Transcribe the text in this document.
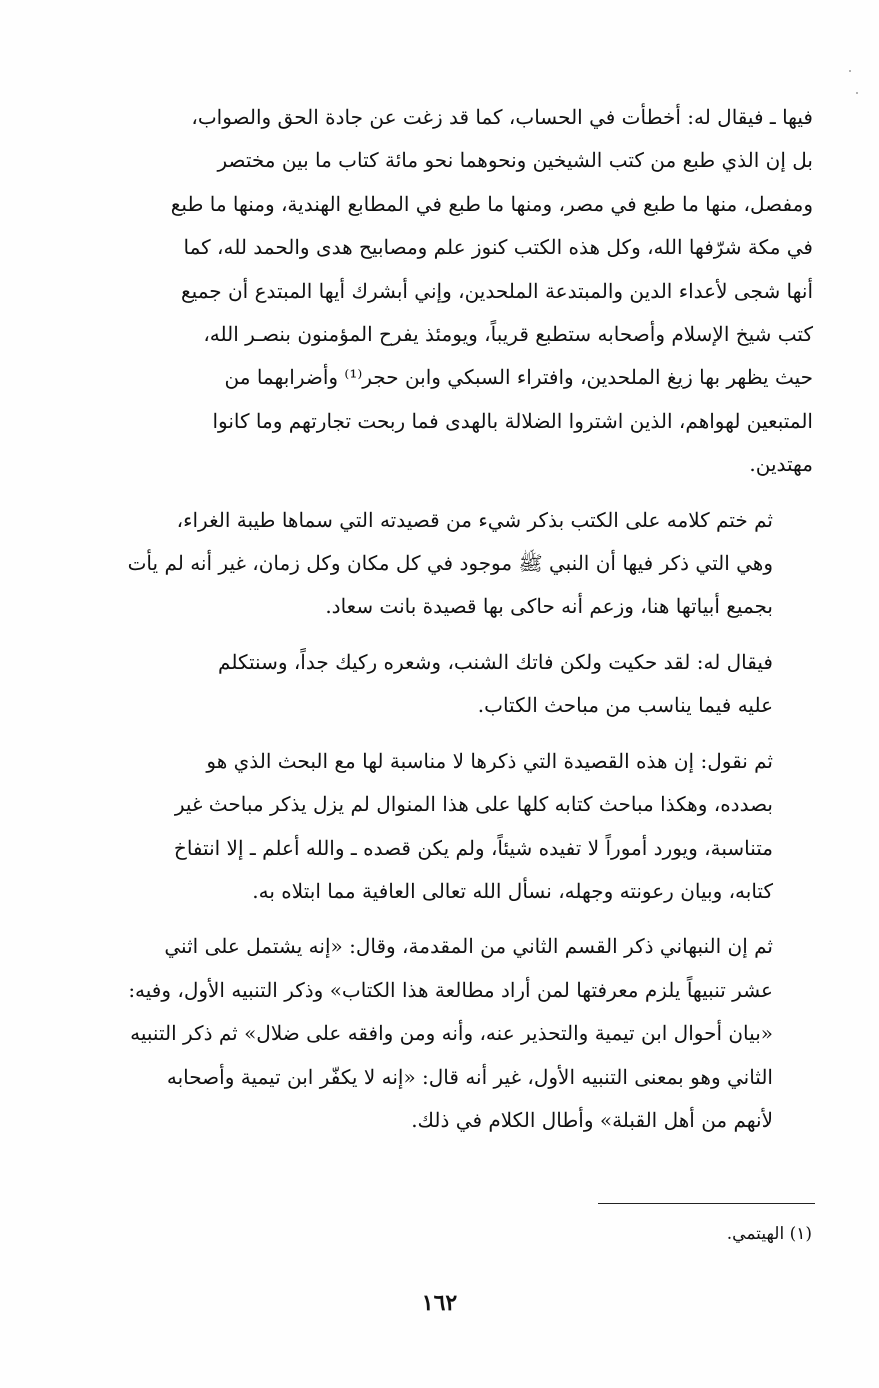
فيها ـ فيقال له: أخطأت في الحساب، كما قد زغت عن جادة الحق والصواب،
بل إن الذي طبع من كتب الشيخين ونحوهما نحو مائة كتاب ما بين مختصر
ومفصل، منها ما طبع في مصر، ومنها ما طبع في المطابع الهندية، ومنها ما طبع
في مكة شرّفها الله، وكل هذه الكتب كنوز علم ومصابيح هدى والحمد لله، كما
أنها شجى لأعداء الدين والمبتدعة الملحدين، وإني أبشرك أيها المبتدع أن جميع
كتب شيخ الإسلام وأصحابه ستطبع قريباً، ويومئذ يفرح المؤمنون بنصـر الله،
حيث يظهر بها زيغ الملحدين، وافتراء السبكي وابن حجر⁽¹⁾ وأضرابهما من
المتبعين لهواهم، الذين اشتروا الضلالة بالهدى فما ربحت تجارتهم وما كانوا
مهتدين.
ثم ختم كلامه على الكتب بذكر شيء من قصيدته التي سماها طيبة الغراء،
وهي التي ذكر فيها أن النبي ﷺ موجود في كل مكان وكل زمان، غير أنه لم يأت
بجميع أبياتها هنا، وزعم أنه حاكى بها قصيدة بانت سعاد.
فيقال له: لقد حكيت ولكن فاتك الشنب، وشعره ركيك جداً، وسنتكلم
عليه فيما يناسب من مباحث الكتاب.
ثم نقول: إن هذه القصيدة التي ذكرها لا مناسبة لها مع البحث الذي هو
بصدده، وهكذا مباحث كتابه كلها على هذا المنوال لم يزل يذكر مباحث غير
متناسبة، ويورد أموراً لا تفيده شيئاً، ولم يكن قصده ـ والله أعلم ـ إلا انتفاخ
كتابه، وبيان رعونته وجهله، نسأل الله تعالى العافية مما ابتلاه به.
ثم إن النبهاني ذكر القسم الثاني من المقدمة، وقال: «إنه يشتمل على اثني
عشر تنبيهاً يلزم معرفتها لمن أراد مطالعة هذا الكتاب» وذكر التنبيه الأول، وفيه:
«بيان أحوال ابن تيمية والتحذير عنه، وأنه ومن وافقه على ضلال» ثم ذكر التنبيه
الثاني وهو بمعنى التنبيه الأول، غير أنه قال: «إنه لا يكفّر ابن تيمية وأصحابه
لأنهم من أهل القبلة» وأطال الكلام في ذلك.
(١) الهيتمي.
١٦٢
